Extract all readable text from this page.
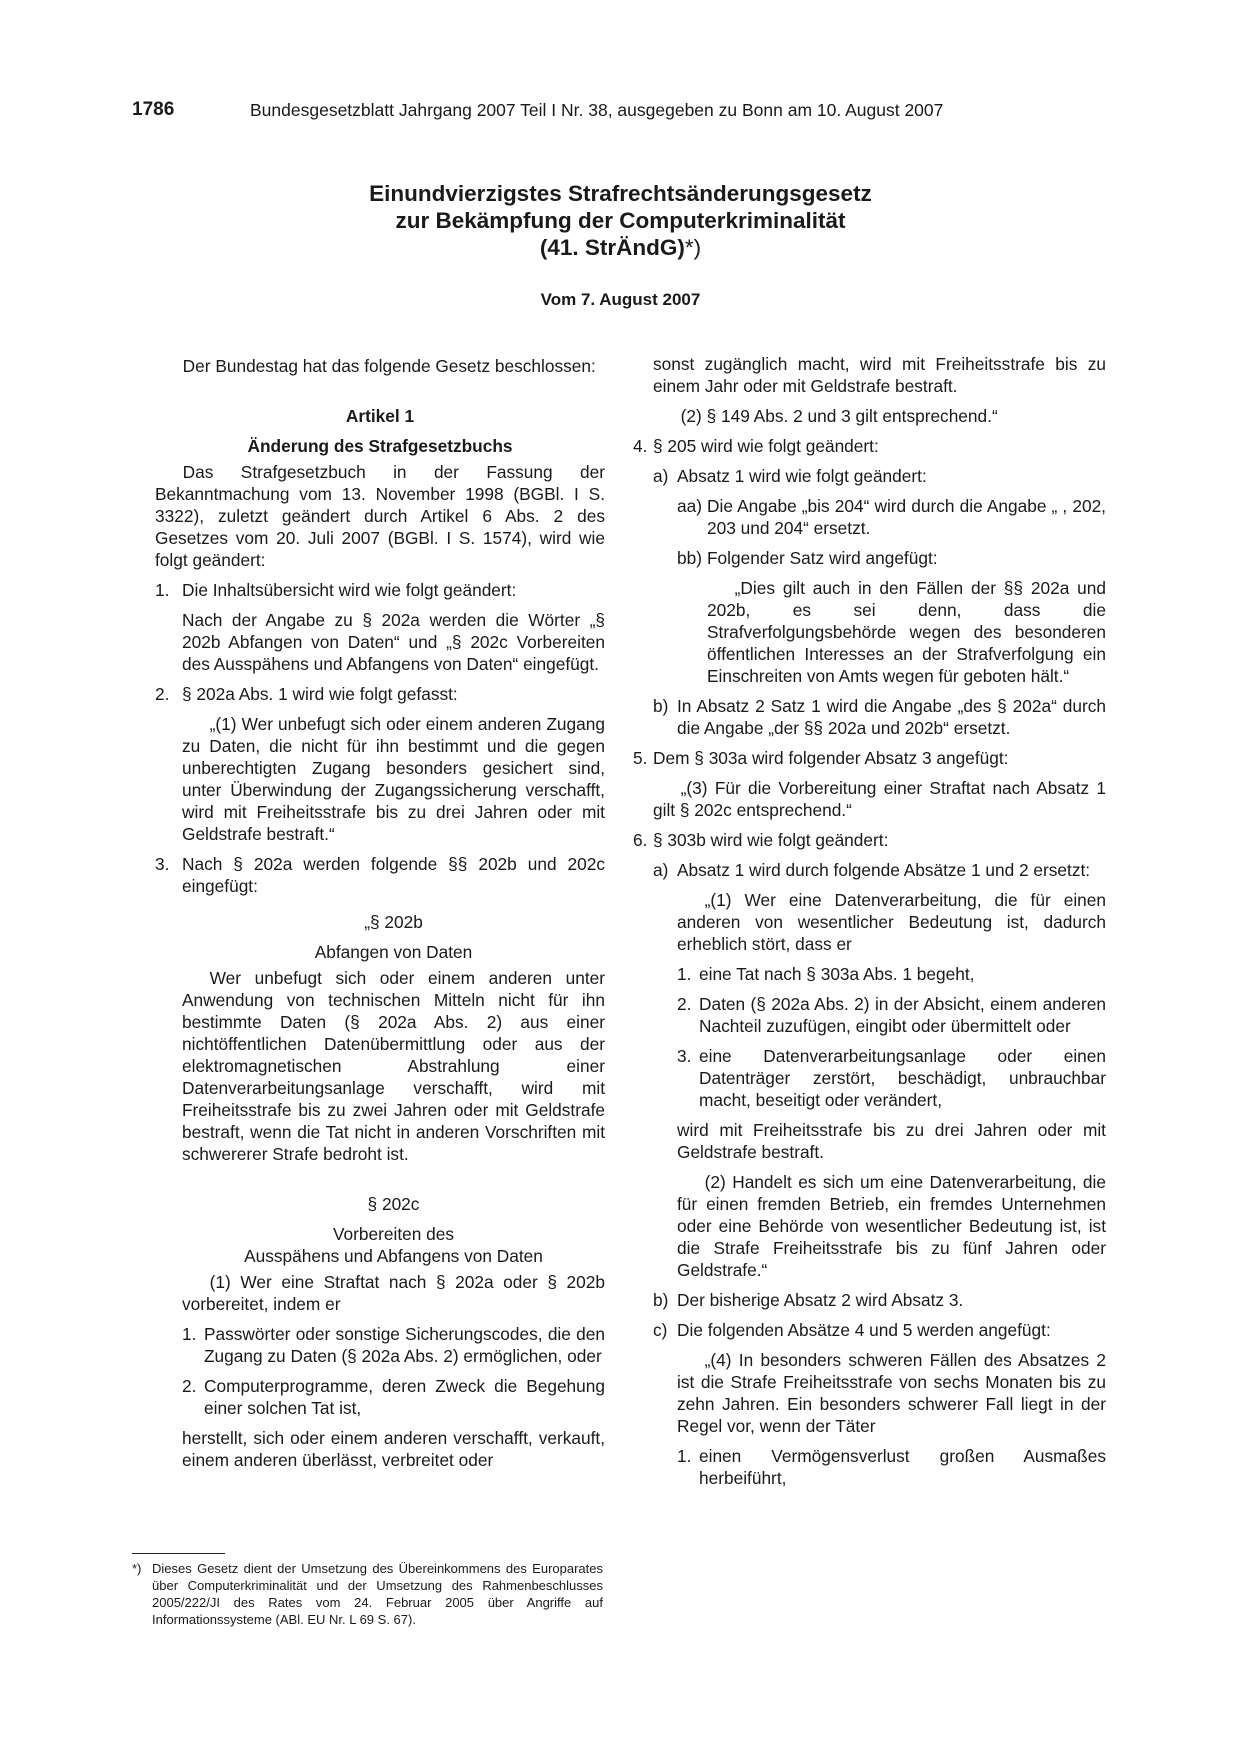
1786	Bundesgesetzblatt Jahrgang 2007 Teil I Nr. 38, ausgegeben zu Bonn am 10. August 2007
Einundvierzigstes Strafrechtsänderungsgesetz
zur Bekämpfung der Computerkriminalität
(41. StrÄndG)*)
Vom 7. August 2007

Der Bundestag hat das folgende Gesetz beschlossen:

Artikel 1

Änderung des Strafgesetzbuchs

Das Strafgesetzbuch in der Fassung der Bekanntmachung vom 13. November 1998 (BGBl. I S. 3322), zuletzt geändert durch Artikel 6 Abs. 2 des Gesetzes vom 20. Juli 2007 (BGBl. I S. 1574), wird wie folgt geändert:

1. Die Inhaltsübersicht wird wie folgt geändert:

Nach der Angabe zu § 202a werden die Wörter „§ 202b Abfangen von Daten“ und „§ 202c Vorbereiten des Ausspähens und Abfangens von Daten“ eingefügt.

2. § 202a Abs. 1 wird wie folgt gefasst:

„(1) Wer unbefugt sich oder einem anderen Zugang zu Daten, die nicht für ihn bestimmt und die gegen unberechtigten Zugang besonders gesichert sind, unter Überwindung der Zugangssicherung verschafft, wird mit Freiheitsstrafe bis zu drei Jahren oder mit Geldstrafe bestraft.“

3. Nach § 202a werden folgende §§ 202b und 202c eingefügt:

„§ 202b

Abfangen von Daten

Wer unbefugt sich oder einem anderen unter Anwendung von technischen Mitteln nicht für ihn bestimmte Daten (§ 202a Abs. 2) aus einer nichtöffentlichen Datenübermittlung oder aus der elektromagnetischen Abstrahlung einer Datenverarbeitungsanlage verschafft, wird mit Freiheitsstrafe bis zu zwei Jahren oder mit Geldstrafe bestraft, wenn die Tat nicht in anderen Vorschriften mit schwererer Strafe bedroht ist.

§ 202c

Vorbereiten des

Ausspähens und Abfangens von Daten

(1) Wer eine Straftat nach § 202a oder § 202b vorbereitet, indem er

1. Passwörter oder sonstige Sicherungscodes, die den Zugang zu Daten (§ 202a Abs. 2) ermöglichen, oder

2. Computerprogramme, deren Zweck die Begehung einer solchen Tat ist,

herstellt, sich oder einem anderen verschafft, verkauft, einem anderen überlässt, verbreitet oder

sonst zugänglich macht, wird mit Freiheitsstrafe bis zu einem Jahr oder mit Geldstrafe bestraft.

(2) § 149 Abs. 2 und 3 gilt entsprechend.“

4. § 205 wird wie folgt geändert:

a) Absatz 1 wird wie folgt geändert:

aa) Die Angabe „bis 204“ wird durch die Angabe „ , 202, 203 und 204“ ersetzt.

bb) Folgender Satz wird angefügt:

„Dies gilt auch in den Fällen der §§ 202a und 202b, es sei denn, dass die Strafverfolgungsbehörde wegen des besonderen öffentlichen Interesses an der Strafverfolgung ein Einschreiten von Amts wegen für geboten hält.“

b) In Absatz 2 Satz 1 wird die Angabe „des § 202a“ durch die Angabe „der §§ 202a und 202b“ ersetzt.

5. Dem § 303a wird folgender Absatz 3 angefügt:

„(3) Für die Vorbereitung einer Straftat nach Absatz 1 gilt § 202c entsprechend.“

6. § 303b wird wie folgt geändert:

a) Absatz 1 wird durch folgende Absätze 1 und 2 ersetzt:

„(1) Wer eine Datenverarbeitung, die für einen anderen von wesentlicher Bedeutung ist, dadurch erheblich stört, dass er

1. eine Tat nach § 303a Abs. 1 begeht,

2. Daten (§ 202a Abs. 2) in der Absicht, einem anderen Nachteil zuzufügen, eingibt oder übermittelt oder

3. eine Datenverarbeitungsanlage oder einen Datenträger zerstört, beschädigt, unbrauchbar macht, beseitigt oder verändert,

wird mit Freiheitsstrafe bis zu drei Jahren oder mit Geldstrafe bestraft.

(2) Handelt es sich um eine Datenverarbeitung, die für einen fremden Betrieb, ein fremdes Unternehmen oder eine Behörde von wesentlicher Bedeutung ist, ist die Strafe Freiheitsstrafe bis zu fünf Jahren oder Geldstrafe.“

b) Der bisherige Absatz 2 wird Absatz 3.

c) Die folgenden Absätze 4 und 5 werden angefügt:

„(4) In besonders schweren Fällen des Absatzes 2 ist die Strafe Freiheitsstrafe von sechs Monaten bis zu zehn Jahren. Ein besonders schwerer Fall liegt in der Regel vor, wenn der Täter

1. einen Vermögensverlust großen Ausmaßes herbeiführt,

*) Dieses Gesetz dient der Umsetzung des Übereinkommens des Europarates über Computerkriminalität und der Umsetzung des Rahmenbeschlusses 2005/222/JI des Rates vom 24. Februar 2005 über Angriffe auf Informationssysteme (ABl. EU Nr. L 69 S. 67).
